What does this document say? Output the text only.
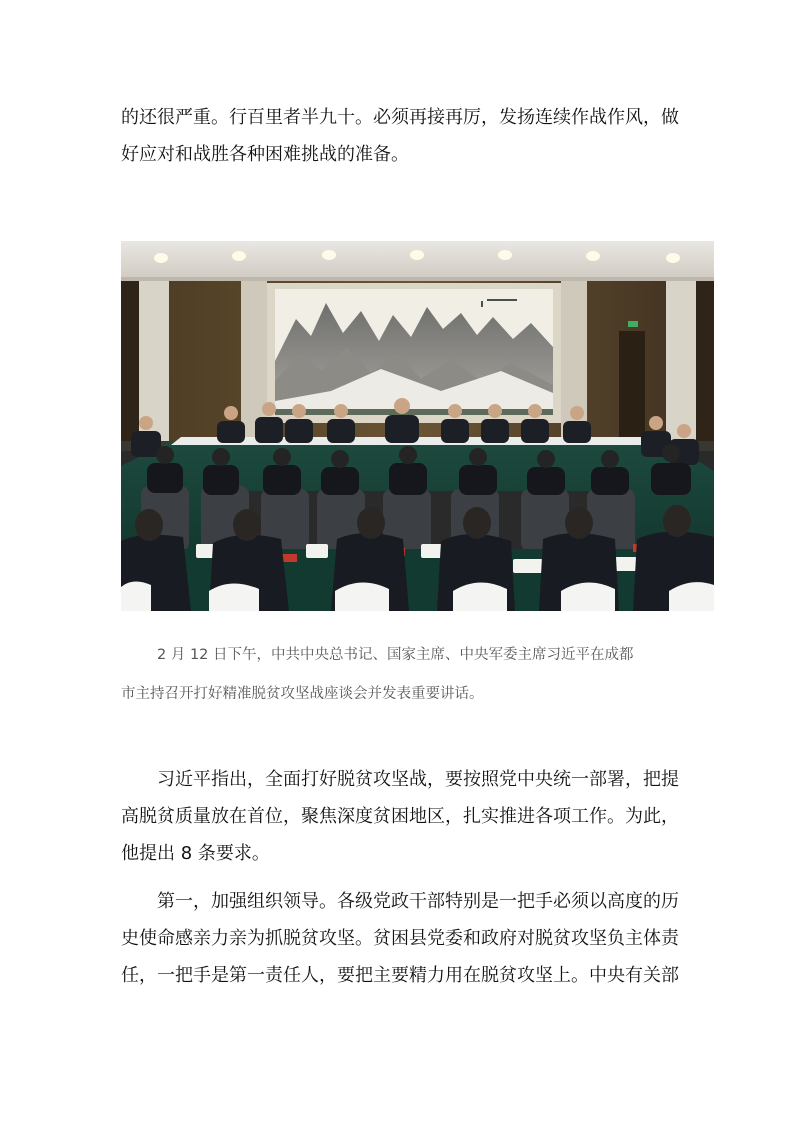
的还很严重。行百里者半九十。必须再接再厉，发扬连续作战作风，做
好应对和战胜各种困难挑战的准备。
2 月 12 日下午，中共中央总书记、国家主席、中央军委主席习近平在成都
市主持召开打好精准脱贫攻坚战座谈会并发表重要讲话。
习近平指出，全面打好脱贫攻坚战，要按照党中央统一部署，把提
高脱贫质量放在首位，聚焦深度贫困地区，扎实推进各项工作。为此，
他提出 8 条要求。
第一，加强组织领导。各级党政干部特别是一把手必须以高度的历
史使命感亲力亲为抓脱贫攻坚。贫困县党委和政府对脱贫攻坚负主体责
任，一把手是第一责任人，要把主要精力用在脱贫攻坚上。中央有关部
